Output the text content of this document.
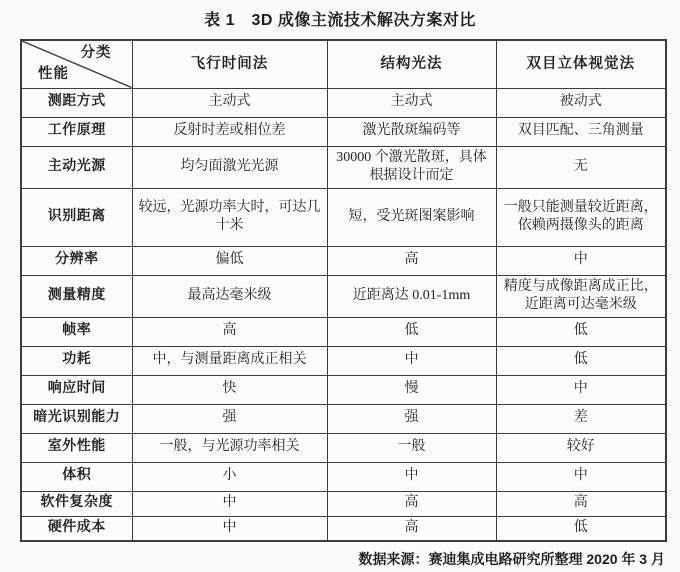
表 1　3D 成像主流技术解决方案对比
分类
性能	飞行时间法	结构光法	双目立体视觉法
测距方式	主动式	主动式	被动式
工作原理	反射时差或相位差	激光散斑编码等	双目匹配、三角测量
主动光源	均匀面激光光源	30000 个激光散斑，具体根据设计而定	无
识别距离	较远，光源功率大时，可达几十米	短，受光斑图案影响	一般只能测量较近距离，依赖两摄像头的距离
分辨率	偏低	高	中
测量精度	最高达毫米级	近距离达 0.01-1mm	精度与成像距离成正比，近距离可达毫米级
帧率	高	低	低
功耗	中，与测量距离成正相关	中	低
响应时间	快	慢	中
暗光识别能力	强	强	差
室外性能	一般，与光源功率相关	一般	较好
体积	小	中	中
软件复杂度	中	高	高
硬件成本	中	高	低
数据来源：赛迪集成电路研究所整理 2020 年 3 月
